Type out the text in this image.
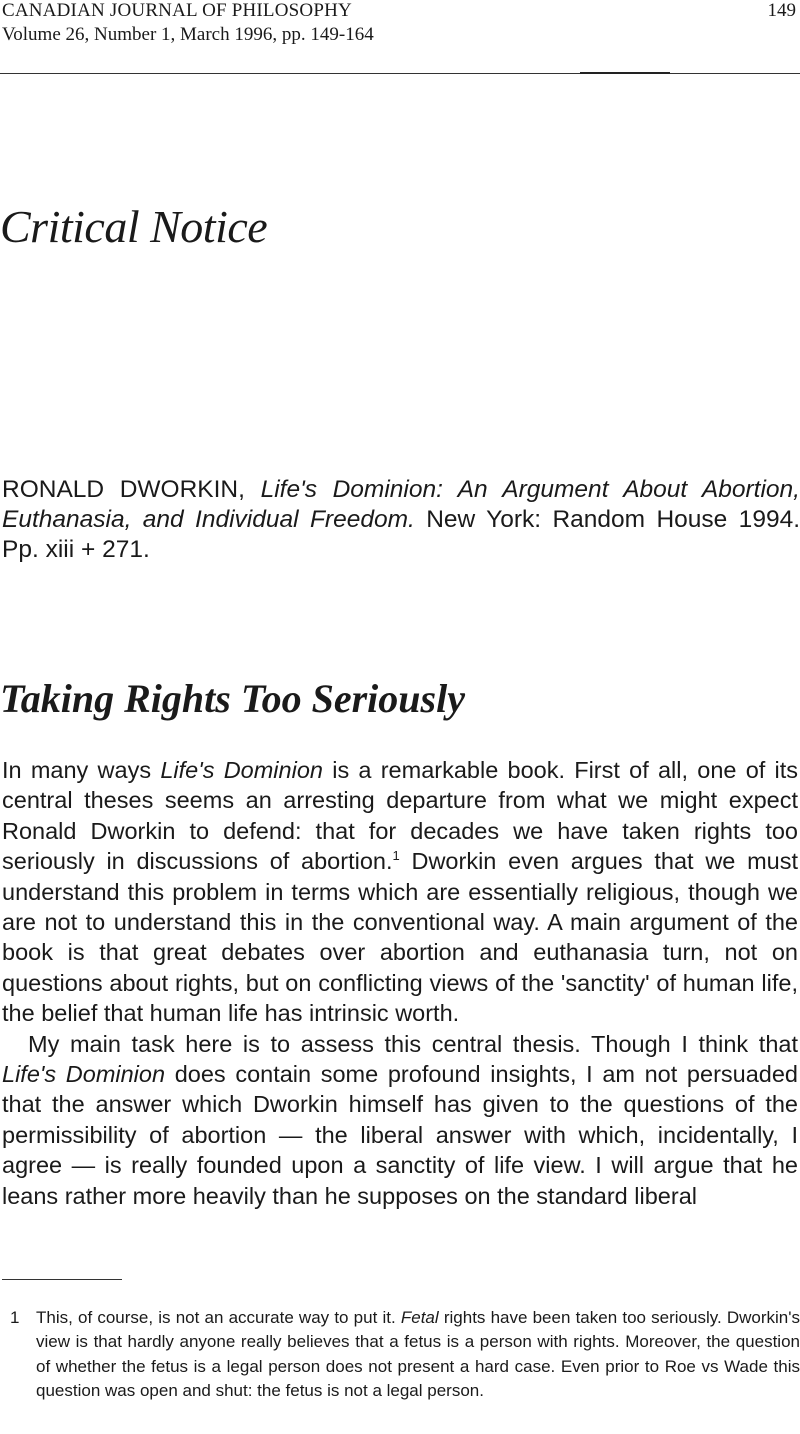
CANADIAN JOURNAL OF PHILOSOPHY	149
Volume 26, Number 1, March 1996, pp. 149-164
Critical Notice
RONALD DWORKIN, Life's Dominion: An Argument About Abortion, Euthanasia, and Individual Freedom. New York: Random House 1994. Pp. xiii + 271.
Taking Rights Too Seriously

In many ways Life's Dominion is a remarkable book. First of all, one of its central theses seems an arresting departure from what we might expect Ronald Dworkin to defend: that for decades we have taken rights too seriously in discussions of abortion.$^1$ Dworkin even argues that we must understand this problem in terms which are essentially religious, though we are not to understand this in the conventional way. A main argument of the book is that great debates over abortion and euthanasia turn, not on questions about rights, but on conflicting views of the 'sanctity' of human life, the belief that human life has intrinsic worth.

My main task here is to assess this central thesis. Though I think that Life's Dominion does contain some profound insights, I am not persuaded that the answer which Dworkin himself has given to the questions of the permissibility of abortion — the liberal answer with which, incidentally, I agree — is really founded upon a sanctity of life view. I will argue that he leans rather more heavily than he supposes on the standard liberal

1 This, of course, is not an accurate way to put it. Fetal rights have been taken too seriously. Dworkin's view is that hardly anyone really believes that a fetus is a person with rights. Moreover, the question of whether the fetus is a legal person does not present a hard case. Even prior to Roe vs Wade this question was open and shut: the fetus is not a legal person.
